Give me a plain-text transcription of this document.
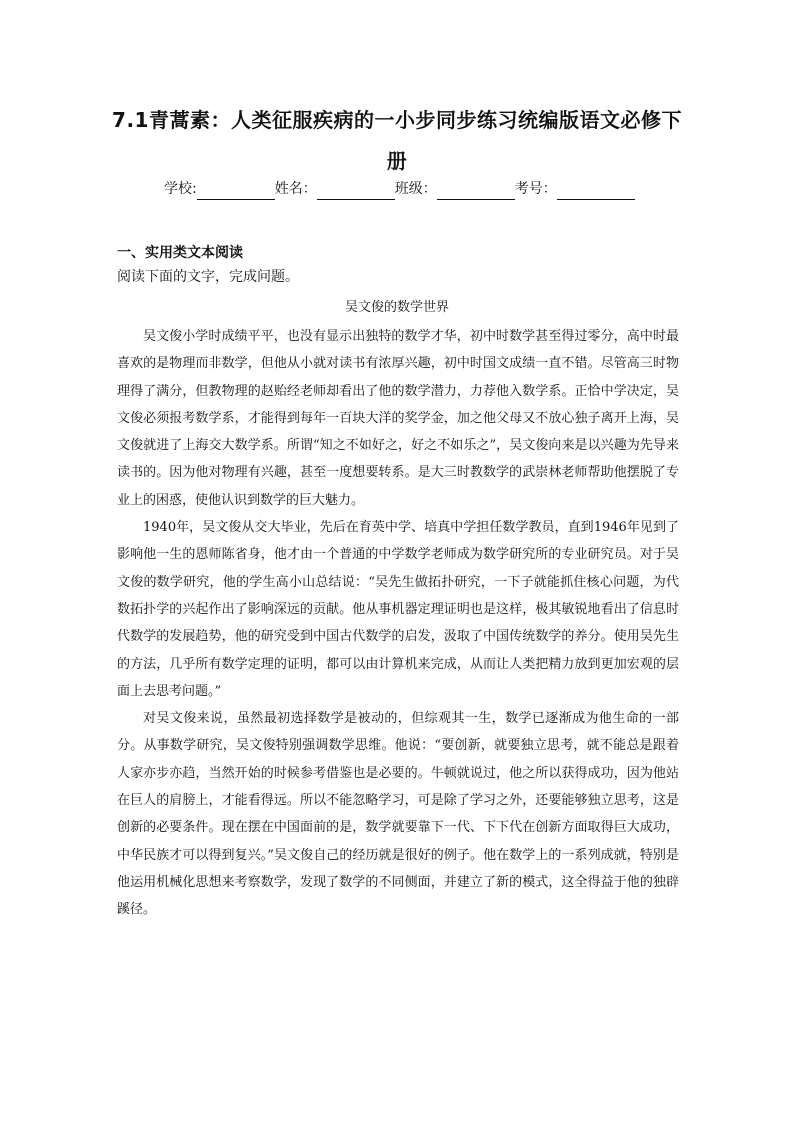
7.1青蒿素：人类征服疾病的一小步同步练习统编版语文必修下
册
学校:	姓名：	班级：	考号：
一、实用类文本阅读
阅读下面的文字，完成问题。
吴文俊的数学世界

吴文俊小学时成绩平平，也没有显示出独特的数学才华，初中时数学甚至得过零分，高中时最喜欢的是物理而非数学，但他从小就对读书有浓厚兴趣，初中时国文成绩一直不错。尽管高三时物理得了满分，但教物理的赵贻经老师却看出了他的数学潜力，力荐他入数学系。正恰中学决定，吴文俊必须报考数学系，才能得到每年一百块大洋的奖学金，加之他父母又不放心独子离开上海，吴文俊就进了上海交大数学系。所谓“知之不如好之，好之不如乐之”，吴文俊向来是以兴趣为先导来读书的。因为他对物理有兴趣，甚至一度想要转系。是大三时教数学的武崇林老师帮助他摆脱了专业上的困惑，使他认识到数学的巨大魅力。

1940年，吴文俊从交大毕业，先后在育英中学、培真中学担任数学教员，直到1946年见到了影响他一生的恩师陈省身，他才由一个普通的中学数学老师成为数学研究所的专业研究员。对于吴文俊的数学研究，他的学生高小山总结说：“吴先生做拓扑研究，一下子就能抓住核心问题，为代数拓扑学的兴起作出了影响深远的贡献。他从事机器定理证明也是这样，极其敏锐地看出了信息时代数学的发展趋势，他的研究受到中国古代数学的启发，汲取了中国传统数学的养分。使用吴先生的方法，几乎所有数学定理的证明，都可以由计算机来完成，从而让人类把精力放到更加宏观的层面上去思考问题。”

对吴文俊来说，虽然最初选择数学是被动的，但综观其一生，数学已逐渐成为他生命的一部分。从事数学研究，吴文俊特别强调数学思维。他说：“要创新，就要独立思考，就不能总是跟着人家亦步亦趋，当然开始的时候参考借鉴也是必要的。牛顿就说过，他之所以获得成功，因为他站在巨人的肩膀上，才能看得远。所以不能忽略学习，可是除了学习之外，还要能够独立思考，这是创新的必要条件。现在摆在中国面前的是，数学就要靠下一代、下下代在创新方面取得巨大成功，中华民族才可以得到复兴。”吴文俊自己的经历就是很好的例子。他在数学上的一系列成就，特别是他运用机械化思想来考察数学，发现了数学的不同侧面，并建立了新的模式，这全得益于他的独辟蹊径。
